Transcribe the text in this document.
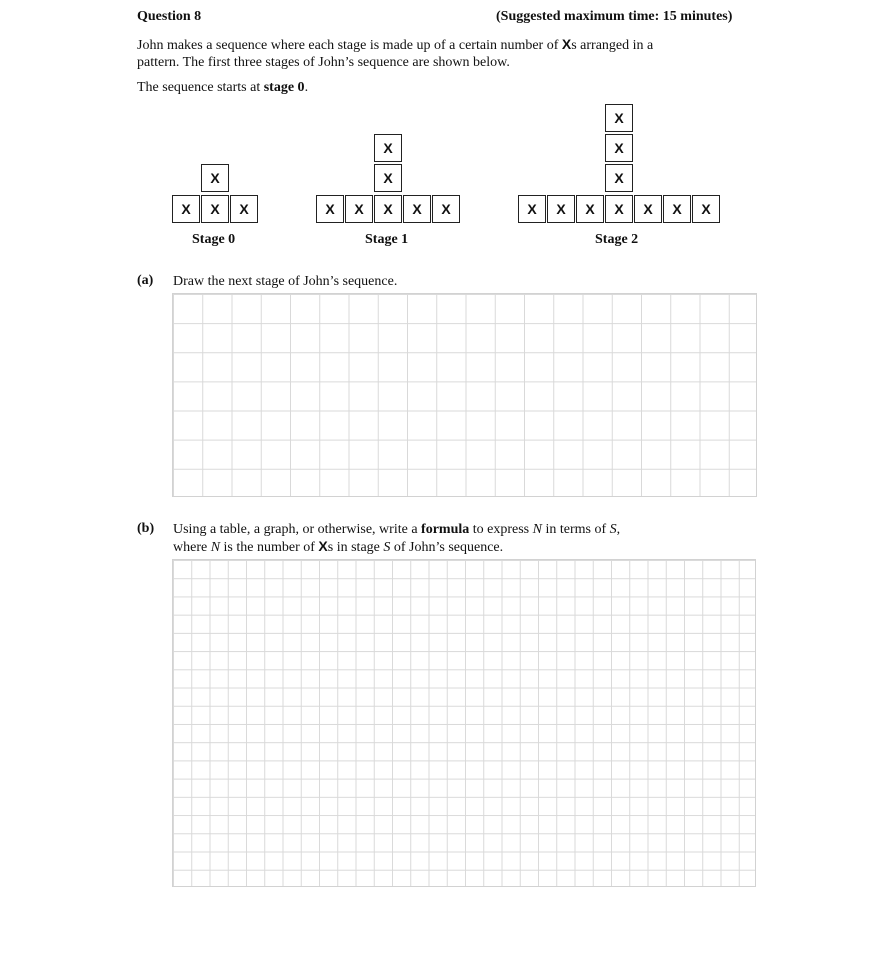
Question 8	(Suggested maximum time: 15 minutes)
John makes a sequence where each stage is made up of a certain number of Xs arranged in a
pattern. The first three stages of John’s sequence are shown below.
The sequence starts at stage 0.
X
X	X	X
Stage 0
X
X
X	X	X	X	X
Stage 1
X
X
X
X	X	X	X	X	X	X
Stage 2
(a) Draw the next stage of John’s sequence.
(b) Using a table, a graph, or otherwise, write a formula to express N in terms of S,
where N is the number of Xs in stage S of John’s sequence.
